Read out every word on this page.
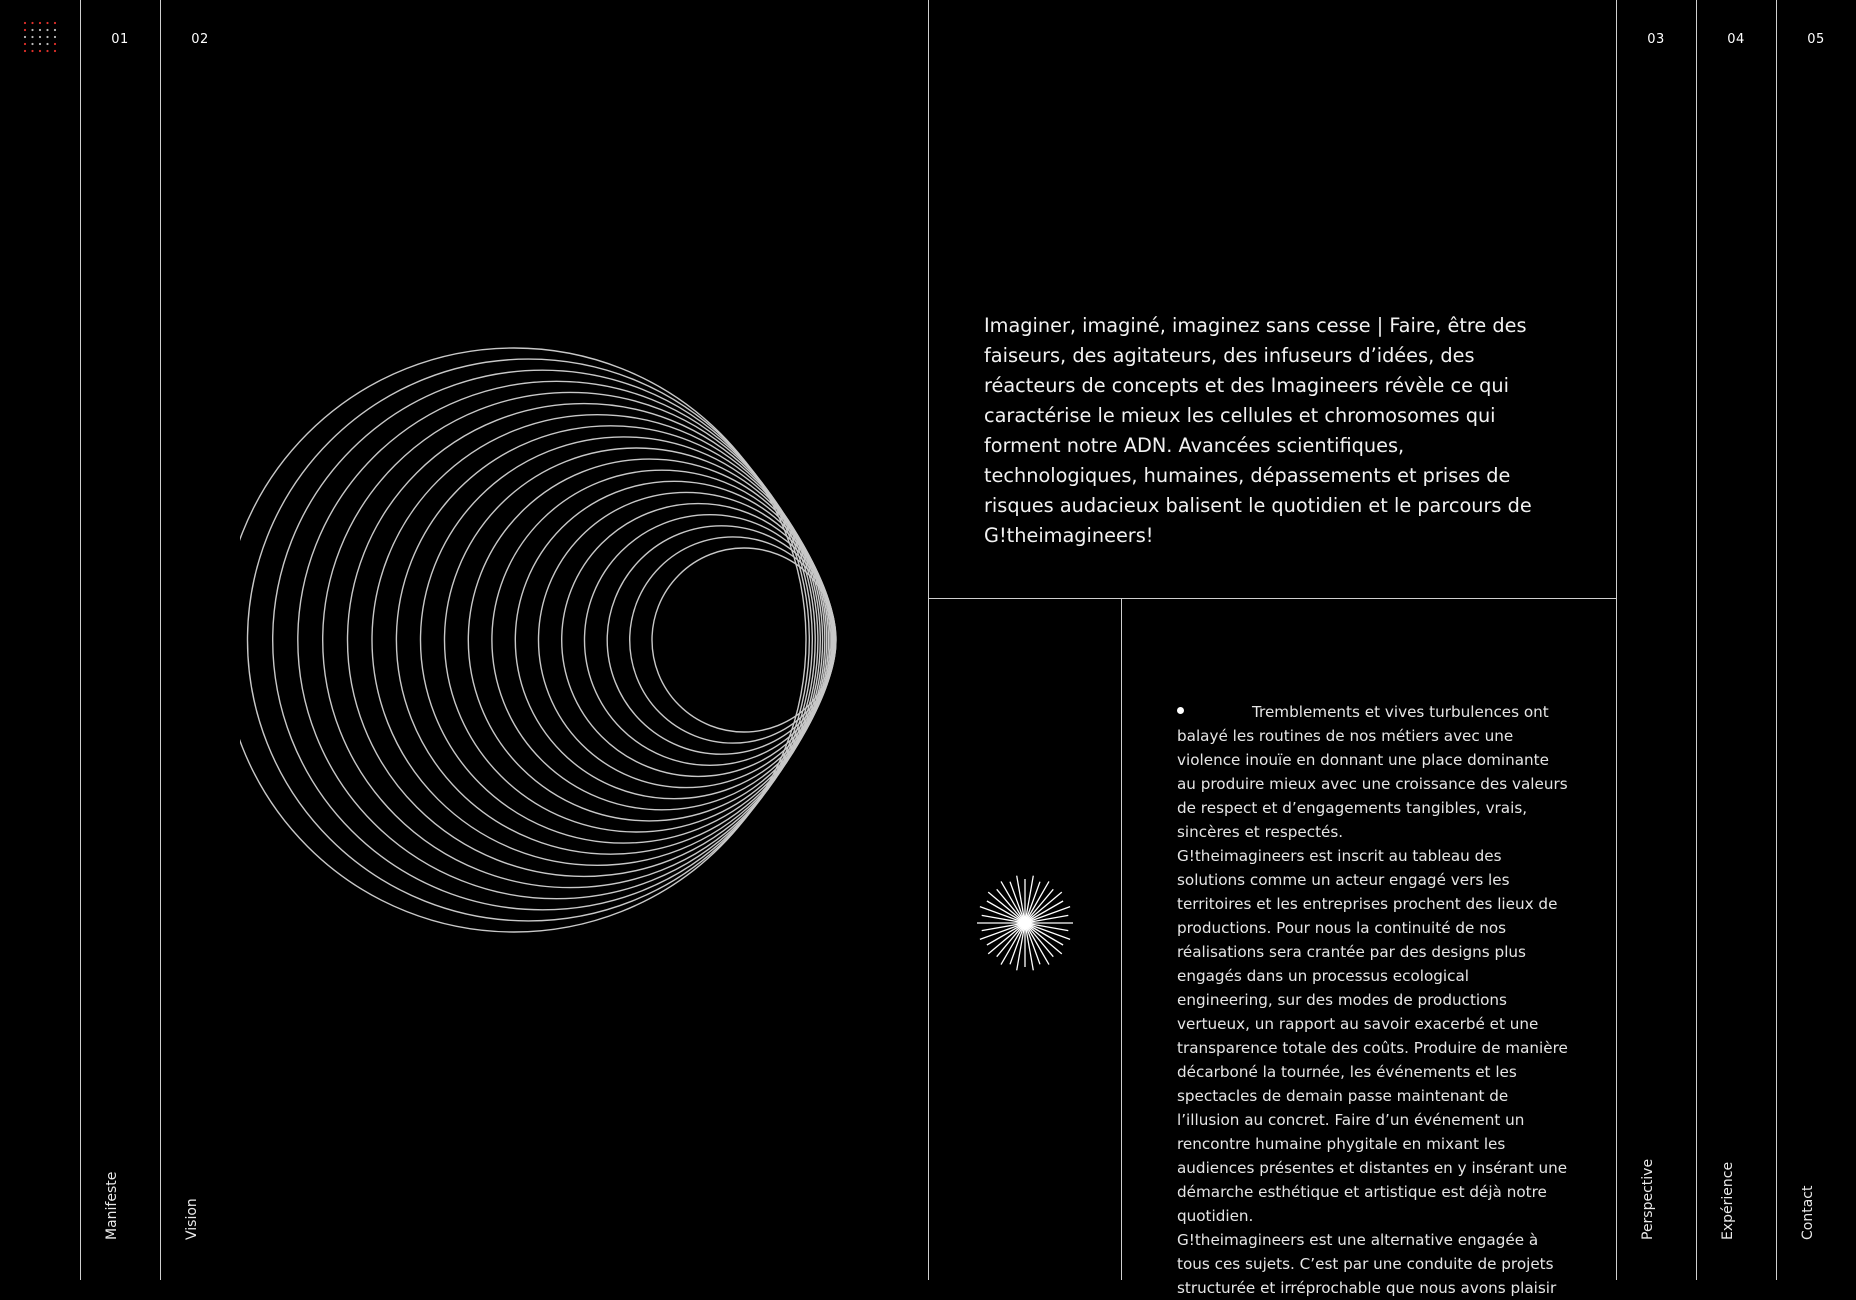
01
Manifeste
02
Vision
03
Perspective
04
Expérience
05
Contact

Imaginer, imaginé, imaginez sans cesse | Faire, être des faiseurs, des agitateurs, des infuseurs d’idées, des réacteurs de concepts et des Imagineers révèle ce qui caractérise le mieux les cellules et chromosomes qui forment notre ADN. Avancées scientifiques, technologiques, humaines, dépassements et prises de risques audacieux balisent le quotidien et le parcours de G!theimagineers!

Tremblements et vives turbulences ont balayé les routines de nos métiers avec une violence inouïe en donnant une place dominante au produire mieux avec une croissance des valeurs de respect et d’engagements tangibles, vrais, sincères et respectés.
G!theimagineers est inscrit au tableau des solutions comme un acteur engagé vers les territoires et les entreprises prochent des lieux de productions. Pour nous la continuité de nos réalisations sera crantée par des designs plus engagés dans un processus ecological engineering, sur des modes de productions vertueux, un rapport au savoir exacerbé et une transparence totale des coûts. Produire de manière décarboné la tournée, les événements et les spectacles de demain passe maintenant de l’illusion au concret. Faire d’un événement un rencontre humaine phygitale en mixant les audiences présentes et distantes en y insérant une démarche esthétique et artistique est déjà notre quotidien.
G!theimagineers est une alternative engagée à tous ces sujets. C’est par une conduite de projets structurée et irréprochable que nous avons plaisir
